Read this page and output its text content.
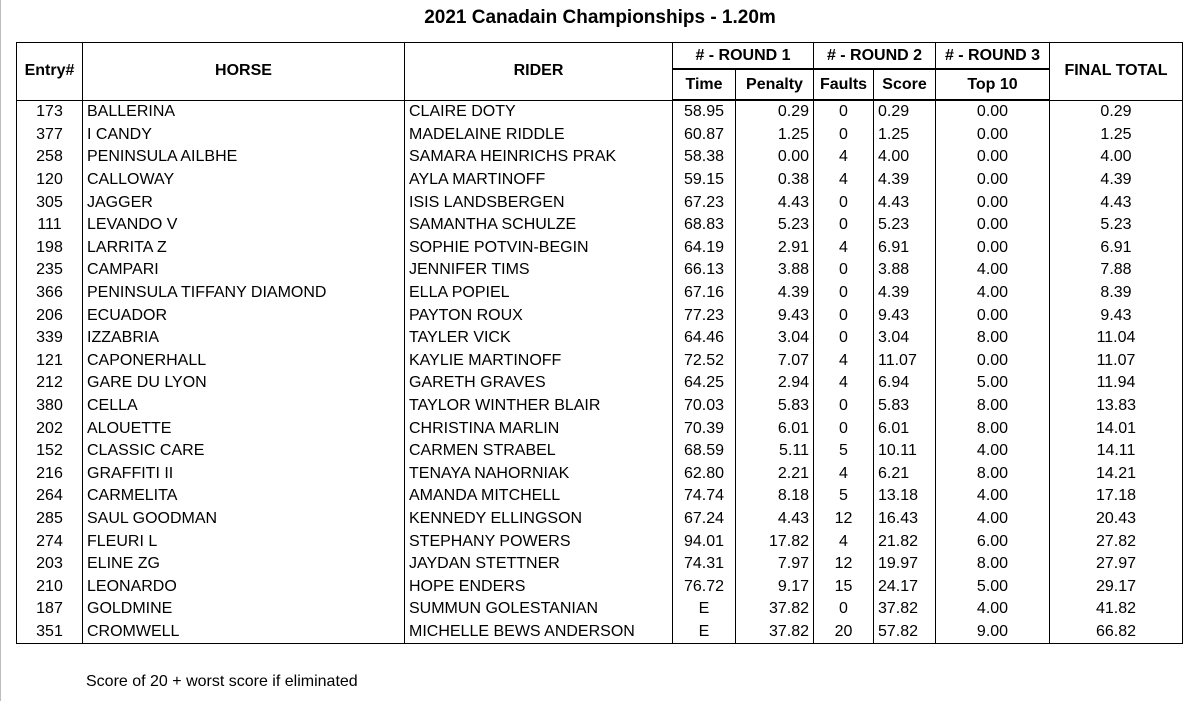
2021 Canadain Championships - 1.20m
Entry#	HORSE	RIDER	# - ROUND 1		# - ROUND 2		# - ROUND 3	FINAL TOTAL
			Time	Penalty	Faults	Score	Top 10	
173	BALLERINA	CLAIRE DOTY	58.95	0.29	0	0.29	0.00	0.29
377	I CANDY	MADELAINE RIDDLE	60.87	1.25	0	1.25	0.00	1.25
258	PENINSULA AILBHE	SAMARA HEINRICHS PRAK	58.38	0.00	4	4.00	0.00	4.00
120	CALLOWAY	AYLA MARTINOFF	59.15	0.38	4	4.39	0.00	4.39
305	JAGGER	ISIS LANDSBERGEN	67.23	4.43	0	4.43	0.00	4.43
111	LEVANDO V	SAMANTHA SCHULZE	68.83	5.23	0	5.23	0.00	5.23
198	LARRITA Z	SOPHIE POTVIN-BEGIN	64.19	2.91	4	6.91	0.00	6.91
235	CAMPARI	JENNIFER TIMS	66.13	3.88	0	3.88	4.00	7.88
366	PENINSULA TIFFANY DIAMOND	ELLA POPIEL	67.16	4.39	0	4.39	4.00	8.39
206	ECUADOR	PAYTON ROUX	77.23	9.43	0	9.43	0.00	9.43
339	IZZABRIA	TAYLER VICK	64.46	3.04	0	3.04	8.00	11.04
121	CAPONERHALL	KAYLIE MARTINOFF	72.52	7.07	4	11.07	0.00	11.07
212	GARE DU LYON	GARETH GRAVES	64.25	2.94	4	6.94	5.00	11.94
380	CELLA	TAYLOR WINTHER BLAIR	70.03	5.83	0	5.83	8.00	13.83
202	ALOUETTE	CHRISTINA MARLIN	70.39	6.01	0	6.01	8.00	14.01
152	CLASSIC CARE	CARMEN STRABEL	68.59	5.11	5	10.11	4.00	14.11
216	GRAFFITI II	TENAYA NAHORNIAK	62.80	2.21	4	6.21	8.00	14.21
264	CARMELITA	AMANDA MITCHELL	74.74	8.18	5	13.18	4.00	17.18
285	SAUL GOODMAN	KENNEDY ELLINGSON	67.24	4.43	12	16.43	4.00	20.43
274	FLEURI L	STEPHANY POWERS	94.01	17.82	4	21.82	6.00	27.82
203	ELINE ZG	JAYDAN STETTNER	74.31	7.97	12	19.97	8.00	27.97
210	LEONARDO	HOPE ENDERS	76.72	9.17	15	24.17	5.00	29.17
187	GOLDMINE	SUMMUN GOLESTANIAN	E	37.82	0	37.82	4.00	41.82
351	CROMWELL	MICHELLE BEWS ANDERSON	E	37.82	20	57.82	9.00	66.82
Score of 20 + worst score if eliminated
